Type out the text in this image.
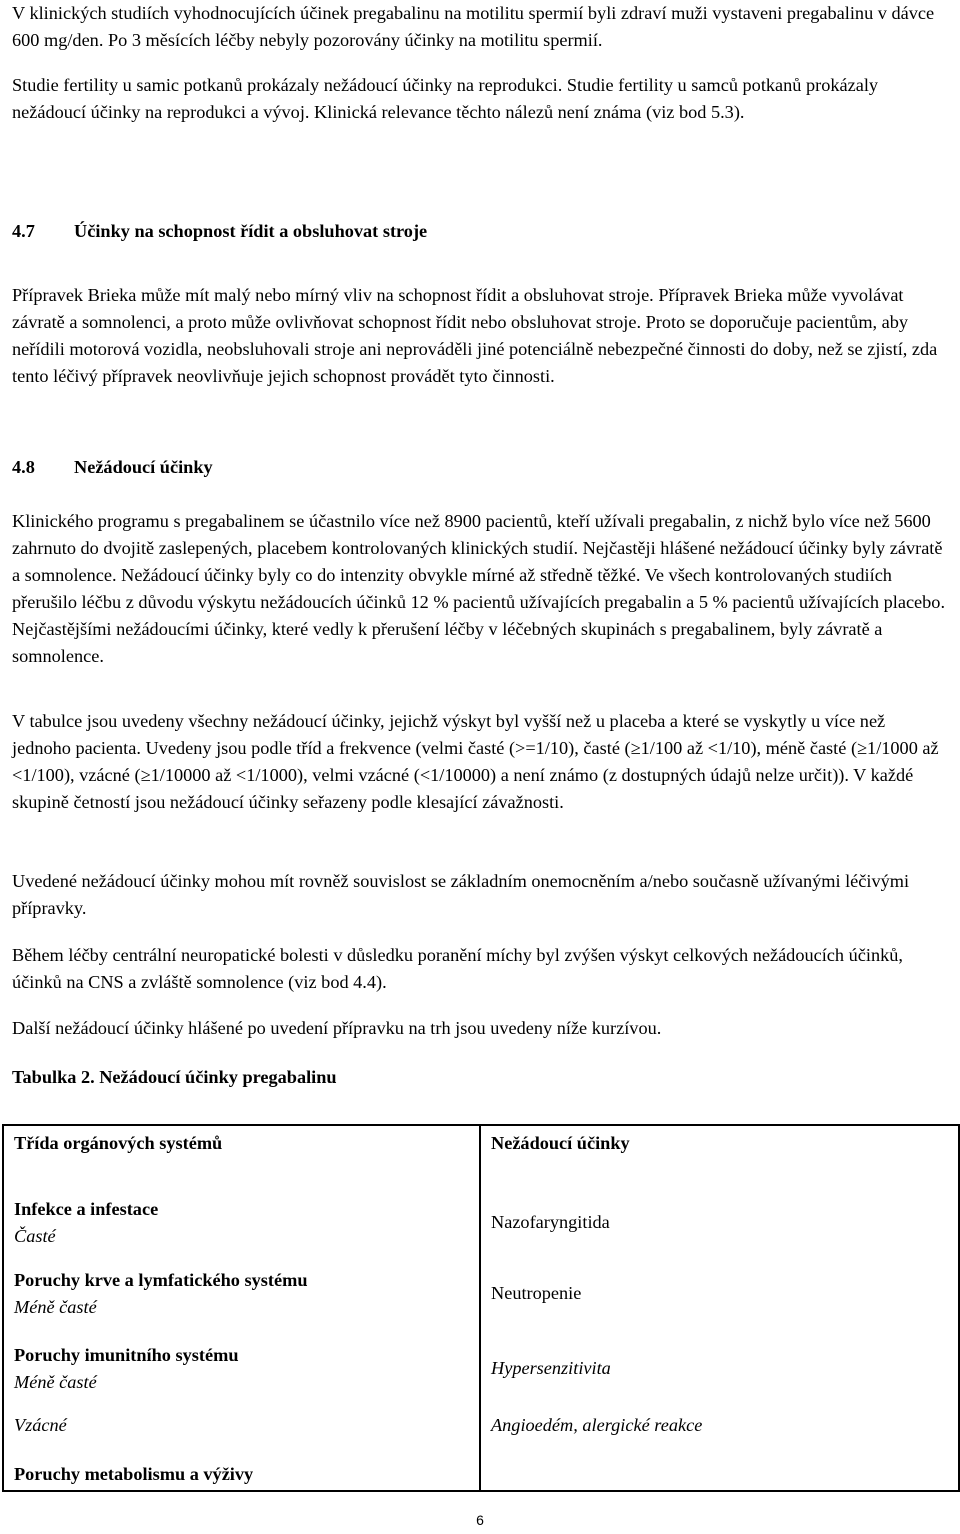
V klinických studiích vyhodnocujících účinek pregabalinu na motilitu spermií byli zdraví muži vystaveni pregabalinu v dávce 600 mg/den. Po 3 měsících léčby nebyly pozorovány účinky na motilitu spermií.

Studie fertility u samic potkanů prokázaly nežádoucí účinky na reprodukci. Studie fertility u samců potkanů prokázaly nežádoucí účinky na reprodukci a vývoj. Klinická relevance těchto nálezů není známa (viz bod 5.3).

4.7	Účinky na schopnost řídit a obsluhovat stroje

Přípravek Brieka může mít malý nebo mírný vliv na schopnost řídit a obsluhovat stroje. Přípravek Brieka může vyvolávat závratě a somnolenci, a proto může ovlivňovat schopnost řídit nebo obsluhovat stroje. Proto se doporučuje pacientům, aby neřídili motorová vozidla, neobsluhovali stroje ani neprováděli jiné potenciálně nebezpečné činnosti do doby, než se zjistí, zda tento léčivý přípravek neovlivňuje jejich schopnost provádět tyto činnosti.

4.8	Nežádoucí účinky

Klinického programu s pregabalinem se účastnilo více než 8900 pacientů, kteří užívali pregabalin, z nichž bylo více než 5600 zahrnuto do dvojitě zaslepených, placebem kontrolovaných klinických studií. Nejčastěji hlášené nežádoucí účinky byly závratě a somnolence. Nežádoucí účinky byly co do intenzity obvykle mírné až středně těžké. Ve všech kontrolovaných studiích přerušilo léčbu z důvodu výskytu nežádoucích účinků 12 % pacientů užívajících pregabalin a 5 % pacientů užívajících placebo. Nejčastějšími nežádoucími účinky, které vedly k přerušení léčby v léčebných skupinách s pregabalinem, byly závratě a somnolence.

V tabulce jsou uvedeny všechny nežádoucí účinky, jejichž výskyt byl vyšší než u placeba a které se vyskytly u více než jednoho pacienta. Uvedeny jsou podle tříd a frekvence (velmi časté (>=1/10), časté (≥1/100 až <1/10), méně časté (≥1/1000 až <1/100), vzácné (≥1/10000 až <1/1000), velmi vzácné (<1/10000) a není známo (z dostupných údajů nelze určit)). V každé skupině četností jsou nežádoucí účinky seřazeny podle klesající závažnosti.

Uvedené nežádoucí účinky mohou mít rovněž souvislost se základním onemocněním a/nebo současně užívanými léčivými přípravky.

Během léčby centrální neuropatické bolesti v důsledku poranění míchy byl zvýšen výskyt celkových nežádoucích účinků, účinků na CNS a zvláště somnolence (viz bod 4.4).

Další nežádoucí účinky hlášené po uvedení přípravku na trh jsou uvedeny níže kurzívou.

Tabulka 2. Nežádoucí účinky pregabalinu

Třída orgánových systémů	Nežádoucí účinky

Infekce a infestace
Časté	Nazofaryngitida

Poruchy krve a lymfatického systému
Méně časté	Neutropenie

Poruchy imunitního systému
Méně časté	Hypersenzitivita

Vzácné	Angioedém, alergické reakce

Poruchy metabolismu a výživy	

6
